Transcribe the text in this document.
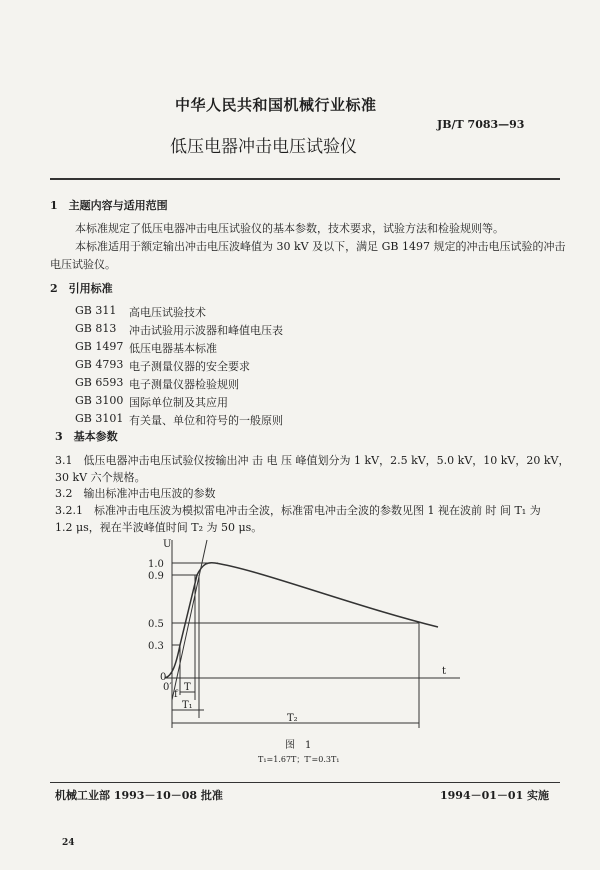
中华人民共和国机械行业标准
JB/T 7083—93
低压电器冲击电压试验仪
1　主题内容与适用范围
本标准规定了低压电器冲击电压试验仪的基本参数，技术要求，试验方法和检验规则等。
本标准适用于额定输出冲击电压波峰值为 30 kV 及以下，满足 GB 1497 规定的冲击电压试验的冲击
电压试验仪。
2　引用标准
GB 311 高电压试验技术
GB 813 冲击试验用示波器和峰值电压表
GB 1497 低压电器基本标准
GB 4793 电子测量仪器的安全要求
GB 6593 电子测量仪器检验规则
GB 3100 国际单位制及其应用
GB 3101 有关量、单位和符号的一般原则
3　基本参数
3.1　低压电器冲击电压试验仪按输出冲 击 电 压 峰值划分为 1 kV，2.5 kV，5.0 kV，10 kV，20 kV，
30 kV 六个规格。
3.2　输出标准冲击电压波的参数
3.2.1　标准冲击电压波为模拟雷电冲击全波，标准雷电冲击全波的参数见图 1 视在波前 时 间 T₁ 为
1.2 μs，视在半波峰值时间 T₂ 为 50 μs。
U
t
1.0
0.9
0.5
0.3
0
0′
f
T
T₁
T₂
图　1
T₁=1.67T；T′=0.3T₁
机械工业部 1993－10－08 批准	1994－01－01 实施
24
